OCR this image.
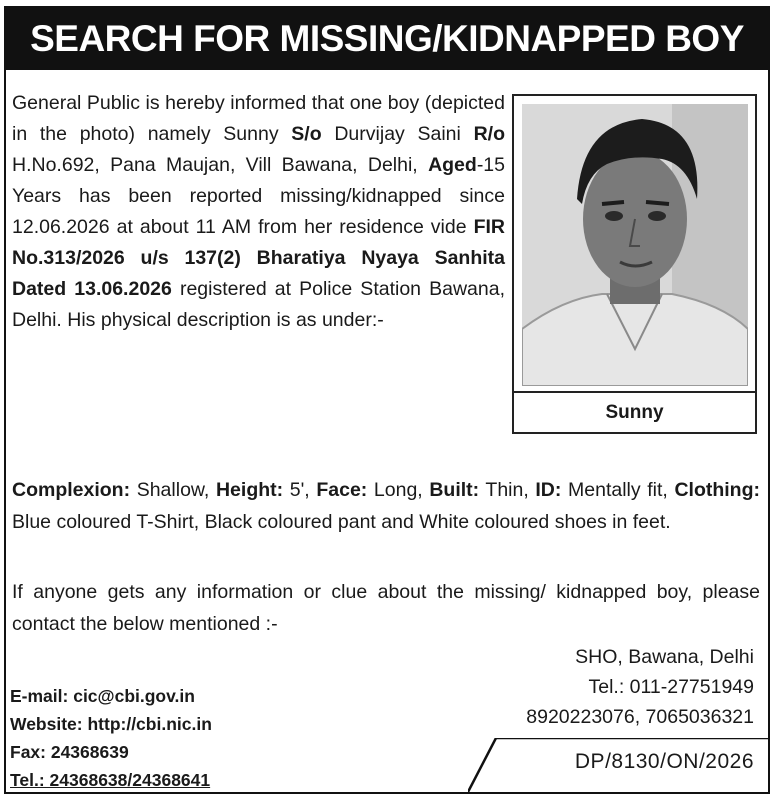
SEARCH FOR MISSING/KIDNAPPED BOY

General Public is hereby informed that one boy (depicted in the photo) namely Sunny S/o Durvijay Saini R/o H.No.692, Pana Maujan, Vill Bawana, Delhi, Aged-15 Years has been reported missing/kidnapped since 12.06.2026 at about 11 AM from her residence vide FIR No.313/2026 u/s 137(2) Bharatiya Nyaya Sanhita Dated 13.06.2026 registered at Police Station Bawana, Delhi. His physical description is as under:-

Sunny

Complexion: Shallow, Height: 5', Face: Long, Built: Thin, ID: Mentally fit, Clothing: Blue coloured T-Shirt, Black coloured pant and White coloured shoes in feet.

If anyone gets any information or clue about the missing/ kidnapped boy, please contact the below mentioned :-

SHO, Bawana, Delhi
Tel.: 011-27751949
8920223076, 7065036321
E-mail: cic@cbi.gov.in
Website: http://cbi.nic.in
Fax: 24368639
Tel.: 24368638/24368641
DP/8130/ON/2026
